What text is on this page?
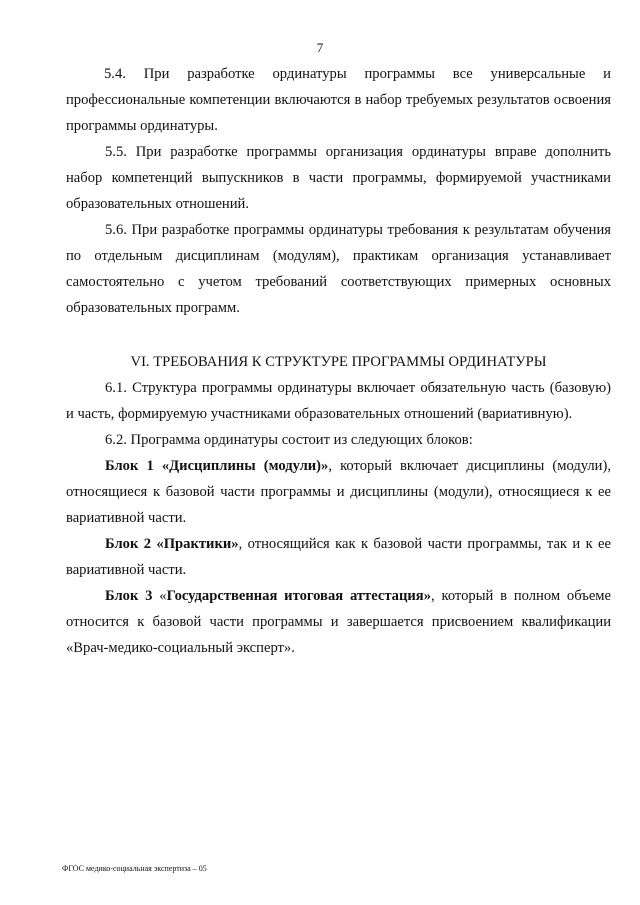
7

5.4. При разработке ординатуры программы все универсальные и профессиональные компетенции включаются в набор требуемых результатов освоения программы ординатуры.

5.5. При разработке программы организация ординатуры вправе дополнить набор компетенций выпускников в части программы, формируемой участниками образовательных отношений.

5.6. При разработке программы ординатуры требования к результатам обучения по отдельным дисциплинам (модулям), практикам организация устанавливает самостоятельно с учетом требований соответствующих примерных основных образовательных программ.

VI. ТРЕБОВАНИЯ К СТРУКТУРЕ ПРОГРАММЫ ОРДИНАТУРЫ

6.1. Структура программы ординатуры включает обязательную часть (базовую) и часть, формируемую участниками образовательных отношений (вариативную).

6.2. Программа ординатуры состоит из следующих блоков:

Блок 1 «Дисциплины (модули)», который включает дисциплины (модули), относящиеся к базовой части программы и дисциплины (модули), относящиеся к ее вариативной части.

Блок 2 «Практики», относящийся как к базовой части программы, так и к ее вариативной части.

Блок 3 «Государственная итоговая аттестация», который в полном объеме относится к базовой части программы и завершается присвоением квалификации «Врач-медико-социальный эксперт».

ФГОС медико-социальная экспертиза – 05
